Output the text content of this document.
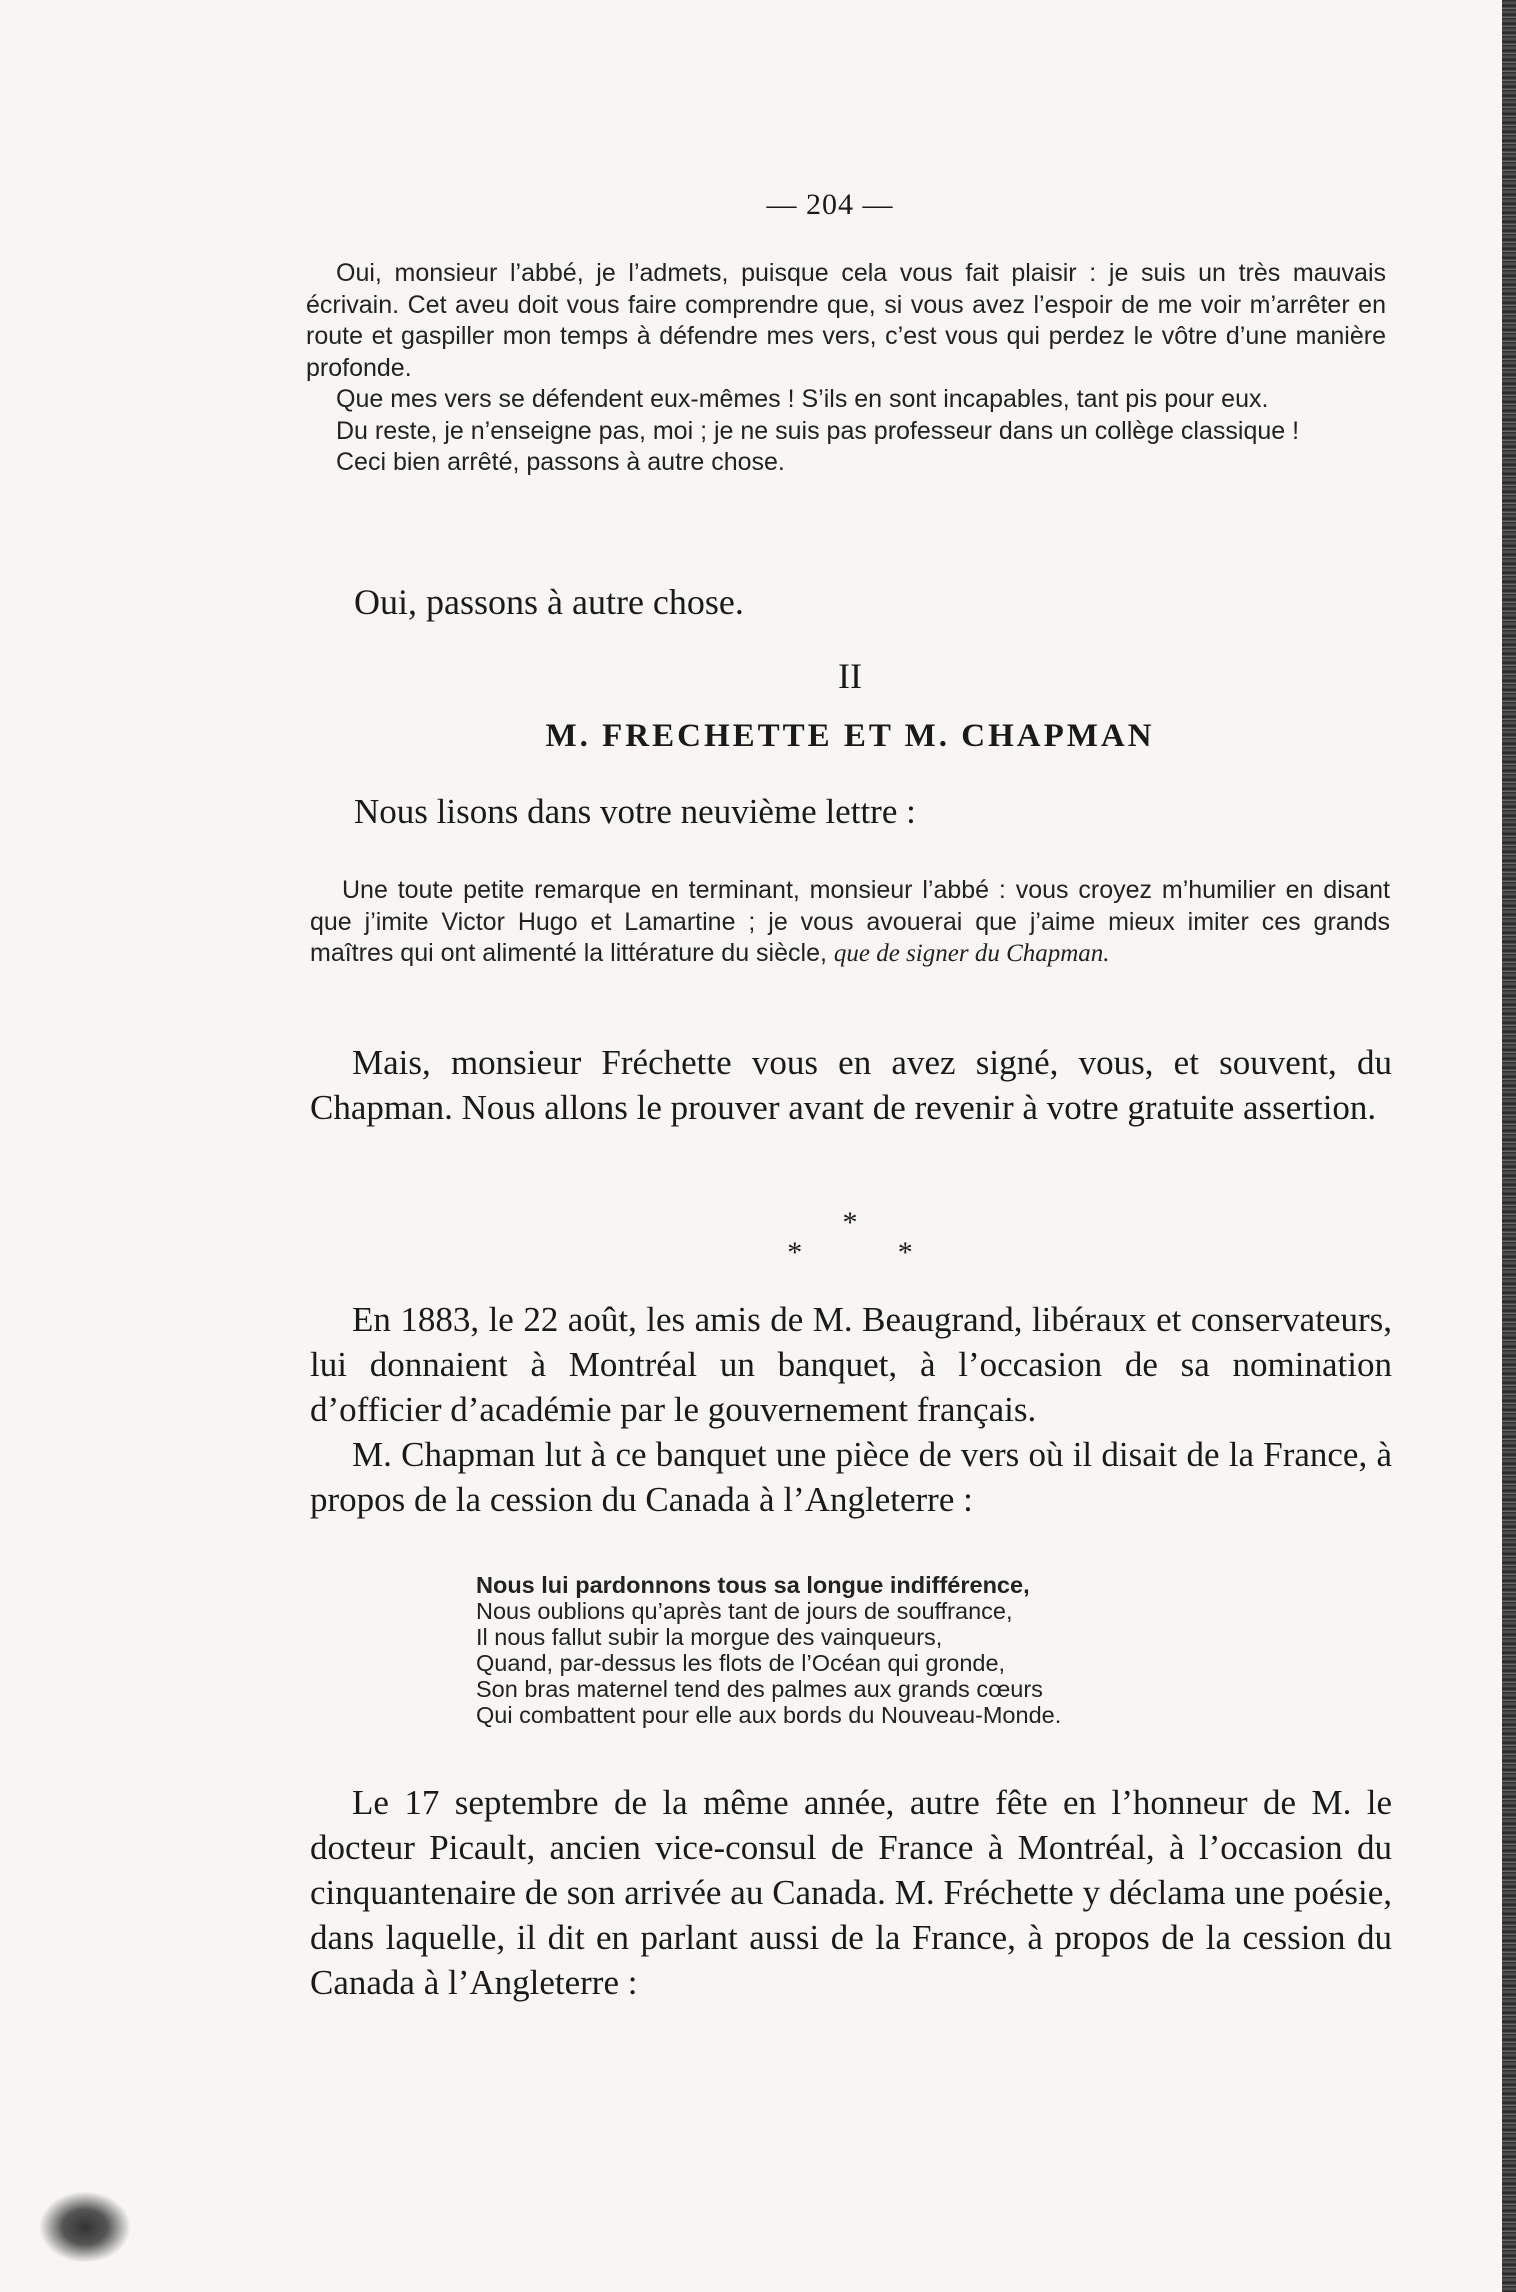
— 204 —

Oui, monsieur l’abbé, je l’admets, puisque cela vous fait plaisir : je suis un très mauvais écrivain. Cet aveu doit vous faire comprendre que, si vous avez l’espoir de me voir m’arrêter en route et gaspiller mon temps à défendre mes vers, c’est vous qui perdez le vôtre d’une manière profonde.

Que mes vers se défendent eux-mêmes ! S’ils en sont incapables, tant pis pour eux.

Du reste, je n’enseigne pas, moi ; je ne suis pas professeur dans un collège classique !

Ceci bien arrêté, passons à autre chose.

Oui, passons à autre chose.
II
M. FRECHETTE ET M. CHAPMAN
Nous lisons dans votre neuvième lettre :

Une toute petite remarque en terminant, monsieur l’abbé : vous croyez m’humilier en disant que j’imite Victor Hugo et Lamartine ; je vous avouerai que j’aime mieux imiter ces grands maîtres qui ont alimenté la littérature du siècle, que de signer du Chapman.

Mais, monsieur Fréchette vous en avez signé, vous, et souvent, du Chapman. Nous allons le prouver avant de revenir à votre gratuite assertion.

*
*	*

En 1883, le 22 août, les amis de M. Beaugrand, libéraux et conservateurs, lui donnaient à Montréal un banquet, à l’occasion de sa nomination d’officier d’académie par le gouvernement français.

M. Chapman lut à ce banquet une pièce de vers où il disait de la France, à propos de la cession du Canada à l’Angleterre :

Nous lui pardonnons tous sa longue indifférence,
Nous oublions qu’après tant de jours de souffrance,
Il nous fallut subir la morgue des vainqueurs,
Quand, par-dessus les flots de l’Océan qui gronde,
Son bras maternel tend des palmes aux grands cœurs
Qui combattent pour elle aux bords du Nouveau-Monde.

Le 17 septembre de la même année, autre fête en l’honneur de M. le docteur Picault, ancien vice-consul de France à Montréal, à l’occasion du cinquantenaire de son arrivée au Canada. M. Fréchette y déclama une poésie, dans laquelle, il dit en parlant aussi de la France, à propos de la cession du Canada à l’Angleterre :
